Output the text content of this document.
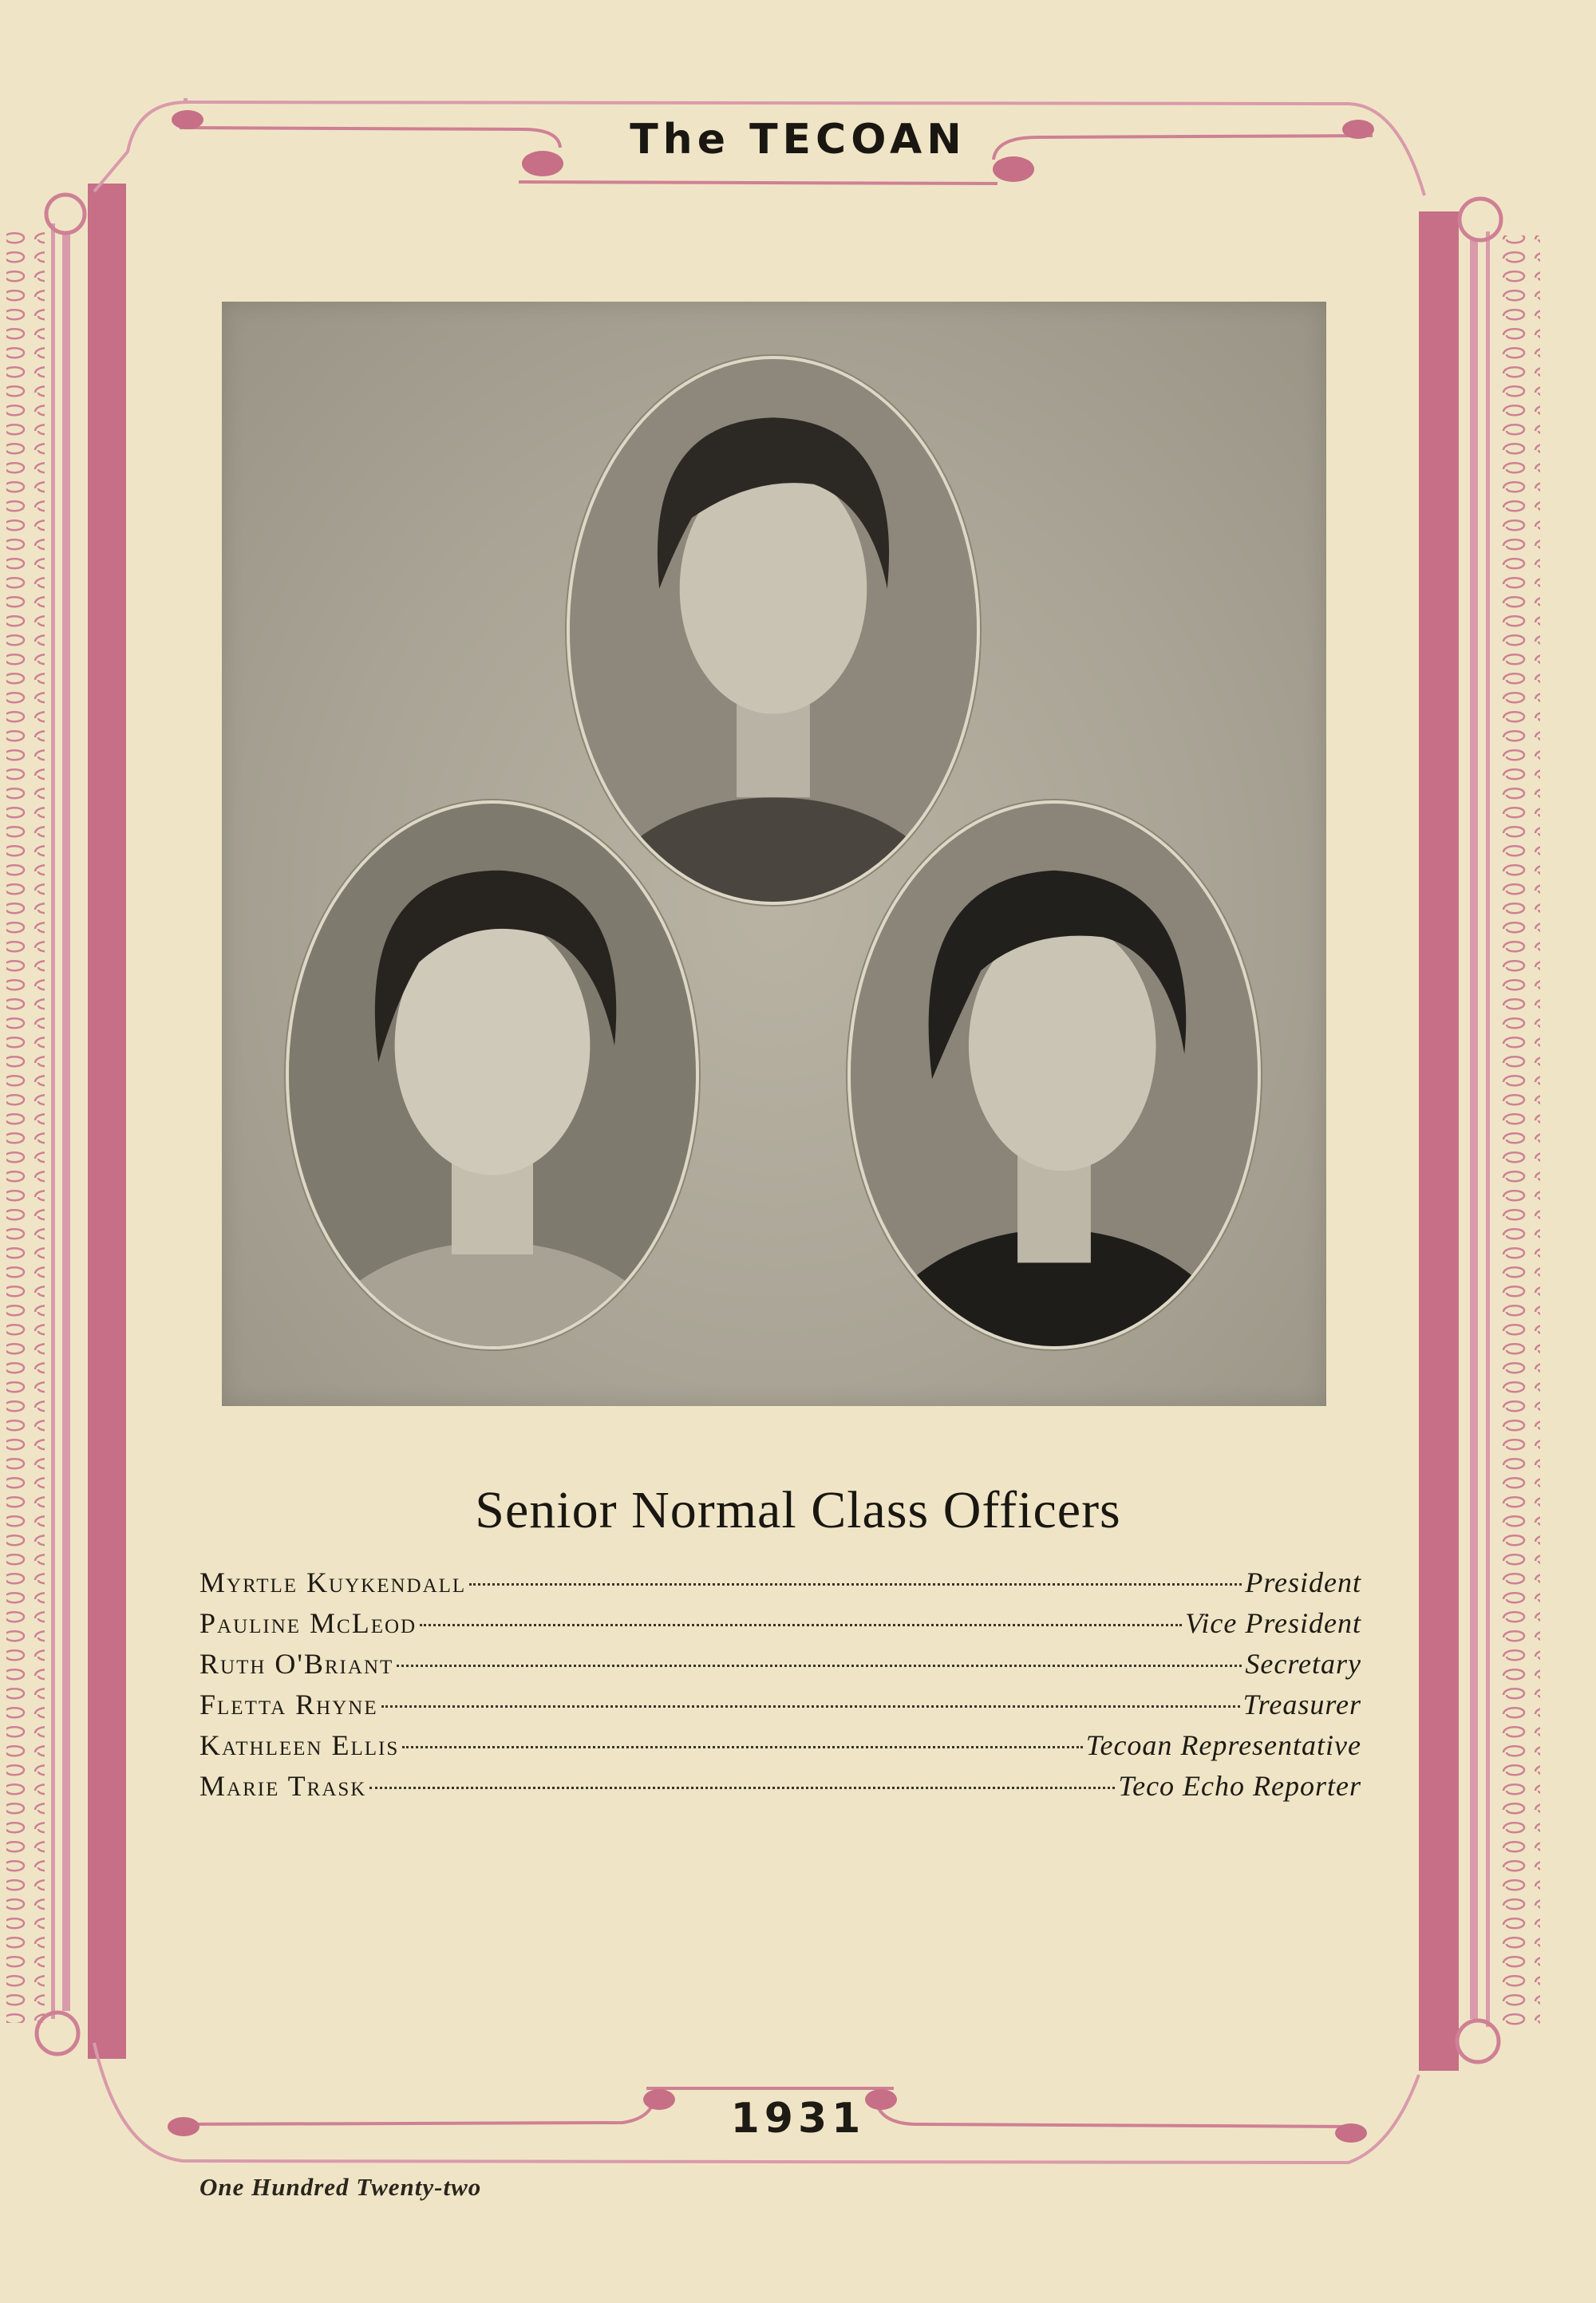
The TECOAN
Senior Normal Class Officers
Myrtle Kuykendall	President
Pauline McLeod	Vice President
Ruth O'Briant	Secretary
Fletta Rhyne	Treasurer
Kathleen Ellis	Tecoan Representative
Marie Trask	Teco Echo Reporter
1931
One Hundred Twenty-two
